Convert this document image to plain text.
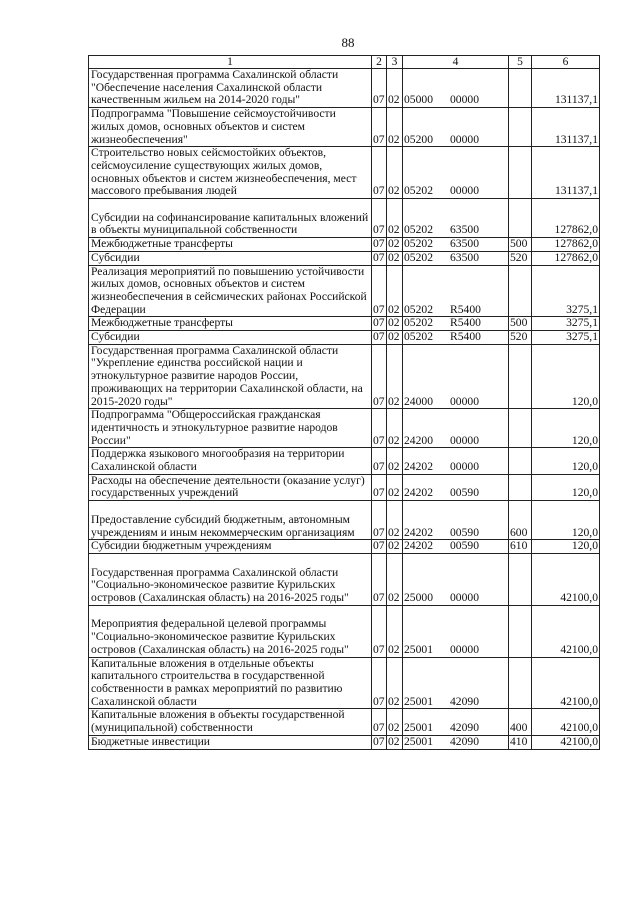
88
1	2	3	4	5	6
Государственная программа Сахалинской области "Обеспечение населения Сахалинской области качественным жильем на 2014-2020 годы"	07	02	05000 00000		131137,1
Подпрограмма "Повышение сейсмоустойчивости жилых домов, основных объектов и систем жизнеобеспечения"	07	02	05200 00000		131137,1
Строительство новых сейсмостойких объектов, сейсмоусиление существующих жилых домов, основных объектов и систем жизнеобеспечения, мест массового пребывания людей	07	02	05202 00000		131137,1
Субсидии на софинансирование капитальных вложений в объекты муниципальной собственности	07	02	05202 63500		127862,0
Межбюджетные трансферты	07	02	05202 63500	500	127862,0
Субсидии	07	02	05202 63500	520	127862,0
Реализация мероприятий по повышению устойчивости жилых домов, основных объектов и систем жизнеобеспечения в сейсмических районах Российской Федерации	07	02	05202 R5400		3275,1
Межбюджетные трансферты	07	02	05202 R5400	500	3275,1
Субсидии	07	02	05202 R5400	520	3275,1
Государственная программа Сахалинской области "Укрепление единства российской нации и этнокультурное развитие народов России, проживающих на территории Сахалинской области, на 2015-2020 годы"	07	02	24000 00000		120,0
Подпрограмма "Общероссийская гражданская идентичность и этнокультурное развитие народов России"	07	02	24200 00000		120,0
Поддержка языкового многообразия на территории Сахалинской области	07	02	24202 00000		120,0
Расходы на обеспечение деятельности (оказание услуг) государственных учреждений	07	02	24202 00590		120,0
Предоставление субсидий бюджетным, автономным учреждениям и иным некоммерческим организациям	07	02	24202 00590	600	120,0
Субсидии бюджетным учреждениям	07	02	24202 00590	610	120,0
Государственная программа Сахалинской области "Социально-экономическое развитие Курильских островов (Сахалинская область) на 2016-2025 годы"	07	02	25000 00000		42100,0
Мероприятия федеральной целевой программы "Социально-экономическое развитие Курильских островов (Сахалинская область) на 2016-2025 годы"	07	02	25001 00000		42100,0
Капитальные вложения в отдельные объекты капитального строительства в государственной собственности в рамках мероприятий по развитию Сахалинской области	07	02	25001 42090		42100,0
Капитальные вложения в объекты государственной (муниципальной) собственности	07	02	25001 42090	400	42100,0
Бюджетные инвестиции	07	02	25001 42090	410	42100,0
